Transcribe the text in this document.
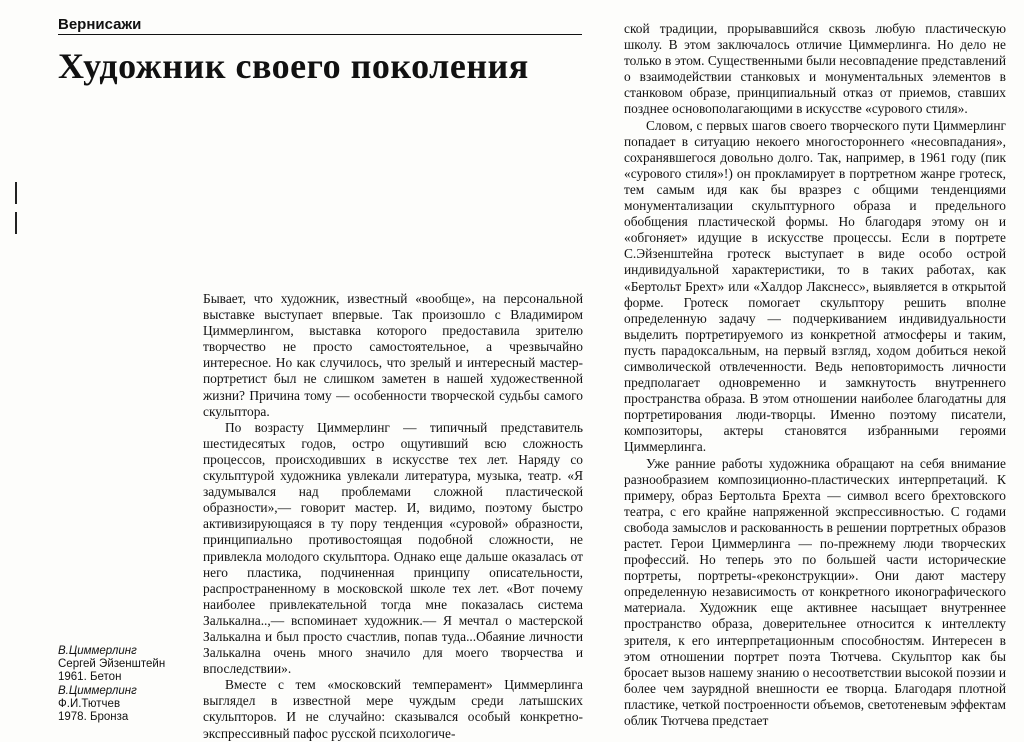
Вернисажи
Художник своего поколения

Бывает, что художник, известный «вообще», на персональной выставке выступает впервые. Так произошло с Владимиром Циммерлингом, выставка которого предоставила зрителю творчество не просто самостоятельное, а чрезвычайно интересное. Но как случилось, что зрелый и интересный мастер-портретист был не слишком заметен в нашей художественной жизни? Причина тому — особенности творческой судьбы самого скульптора.

По возрасту Циммерлинг — типичный представитель шестидесятых годов, остро ощутивший всю сложность процессов, происходивших в искусстве тех лет. Наряду со скульптурой художника увлекали литература, музыка, театр. «Я задумывался над проблемами сложной пластической образности»,— говорит мастер. И, видимо, поэтому быстро активизирующаяся в ту пору тенденция «суровой» образности, принципиально противостоящая подобной сложности, не привлекла молодого скульптора. Однако еще дальше оказалась от него пластика, подчиненная принципу описательности, распространенному в московской школе тех лет. «Вот почему наиболее привлекательной тогда мне показалась система Залькална..,— вспоминает художник.— Я мечтал о мастерской Залькална и был просто счастлив, попав туда...Обаяние личности Залькална очень много значило для моего творчества и впоследствии».

Вместе с тем «московский темперамент» Циммерлинга выглядел в известной мере чуждым среди латышских скульпторов. И не случайно: сказывался особый конкретно-экспрессивный пафос русской психологиче-

ской традиции, прорывавшийся сквозь любую пластическую школу. В этом заключалось отличие Циммерлинга. Но дело не только в этом. Существенными были несовпадение представлений о взаимодействии станковых и монументальных элементов в станковом образе, принципиальный отказ от приемов, ставших позднее основополагающими в искусстве «сурового стиля».

Словом, с первых шагов своего творческого пути Циммерлинг попадает в ситуацию некоего многостороннего «несовпадания», сохранявшегося довольно долго. Так, например, в 1961 году (пик «сурового стиля»!) он прокламирует в портретном жанре гротеск, тем самым идя как бы вразрез с общими тенденциями монументализации скульптурного образа и предельного обобщения пластической формы. Но благодаря этому он и «обгоняет» идущие в искусстве процессы. Если в портрете С.Эйзенштейна гротеск выступает в виде особо острой индивидуальной характеристики, то в таких работах, как «Бертольт Брехт» или «Халдор Лакснесс», выявляется в открытой форме. Гротеск помогает скульптору решить вполне определенную задачу — подчеркиванием индивидуальности выделить портретируемого из конкретной атмосферы и таким, пусть парадоксальным, на первый взгляд, ходом добиться некой символической отвлеченности. Ведь неповторимость личности предполагает одновременно и замкнутость внутреннего пространства образа. В этом отношении наиболее благодатны для портретирования люди-творцы. Именно поэтому писатели, композиторы, актеры становятся избранными героями Циммерлинга.

Уже ранние работы художника обращают на себя внимание разнообразием композиционно-пластических интерпретаций. К примеру, образ Бертольта Брехта — символ всего брехтовского театра, с его крайне напряженной экспрессивностью. С годами свобода замыслов и раскованность в решении портретных образов растет. Герои Циммерлинга — по-прежнему люди творческих профессий. Но теперь это по большей части исторические портреты, портреты-«реконструкции». Они дают мастеру определенную независимость от конкретного иконографического материала. Художник еще активнее насыщает внутреннее пространство образа, доверительнее относится к интеллекту зрителя, к его интерпретационным способностям. Интересен в этом отношении портрет поэта Тютчева. Скульптор как бы бросает вызов нашему знанию о несоответствии высокой поэзии и более чем заурядной внешности ее творца. Благодаря плотной пластике, четкой построенности объемов, светотеневым эффектам облик Тютчева предстает

В.Циммерлинг
Сергей Эйзенштейн
1961. Бетон
В.Циммерлинг
Ф.И.Тютчев
1978. Бронза
